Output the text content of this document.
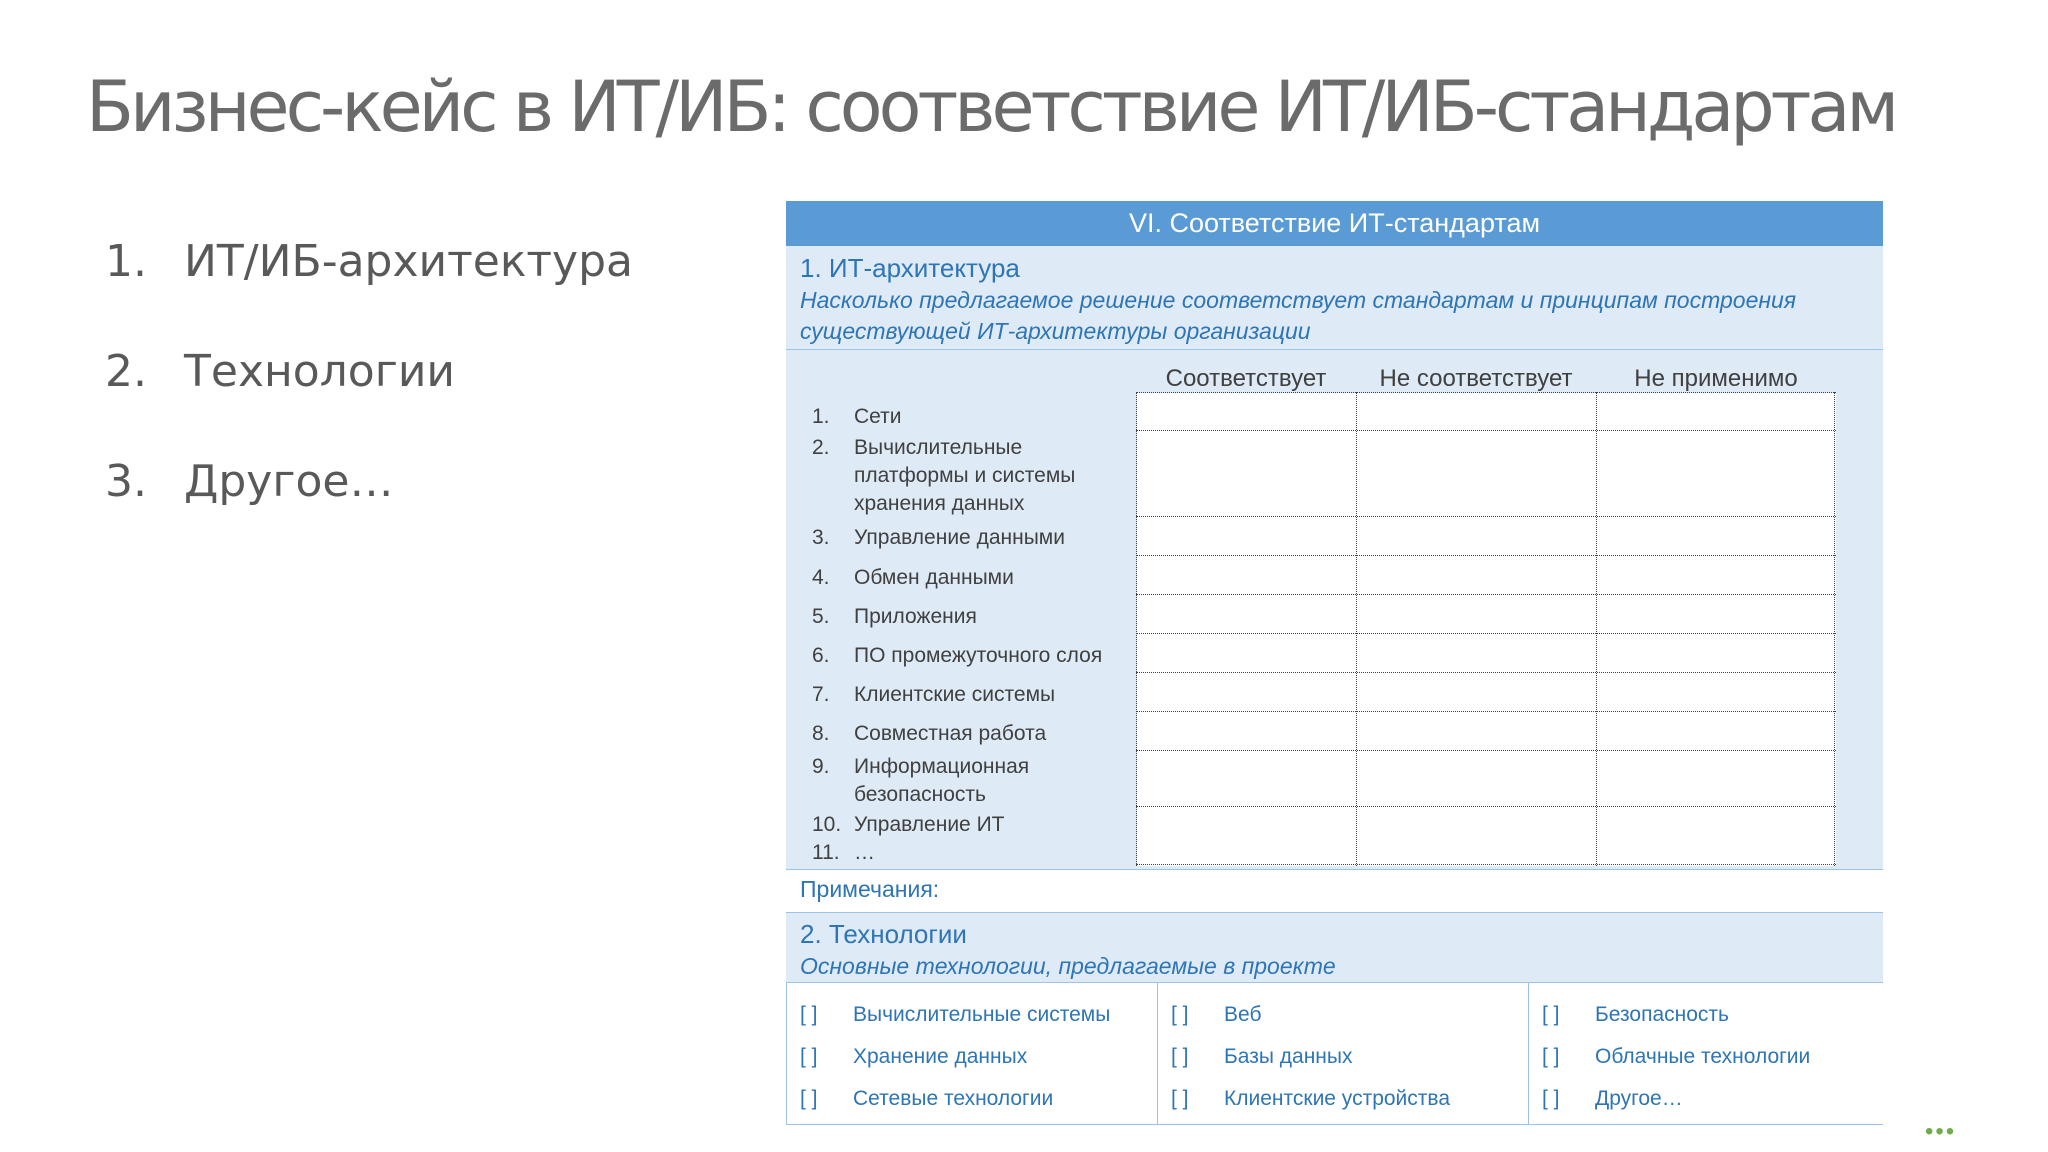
Бизнес-кейс в ИТ/ИБ: соответствие ИТ/ИБ-стандартам
1. ИТ/ИБ-архитектура
2. Технологии
3. Другое…
VI. Соответствие ИТ-стандартам
1. ИТ-архитектура
Насколько предлагаемое решение соответствует стандартам и принципам построения
существующей ИТ-архитектуры организации
Соответствует	Не соответствует	Не применимо
1. Сети
2. Вычислительные платформы и системы хранения данных
3. Управление данными
4. Обмен данными
5. Приложения
6. ПО промежуточного слоя
7. Клиентские системы
8. Совместная работа
9. Информационная безопасность
10. Управление ИТ
11. …
Примечания:
2. Технологии
Основные технологии, предлагаемые в проекте
[ ] Вычислительные системы
[ ] Хранение данных
[ ] Сетевые технологии
[ ] Веб
[ ] Базы данных
[ ] Клиентские устройства
[ ] Безопасность
[ ] Облачные технологии
[ ] Другое…
•••
